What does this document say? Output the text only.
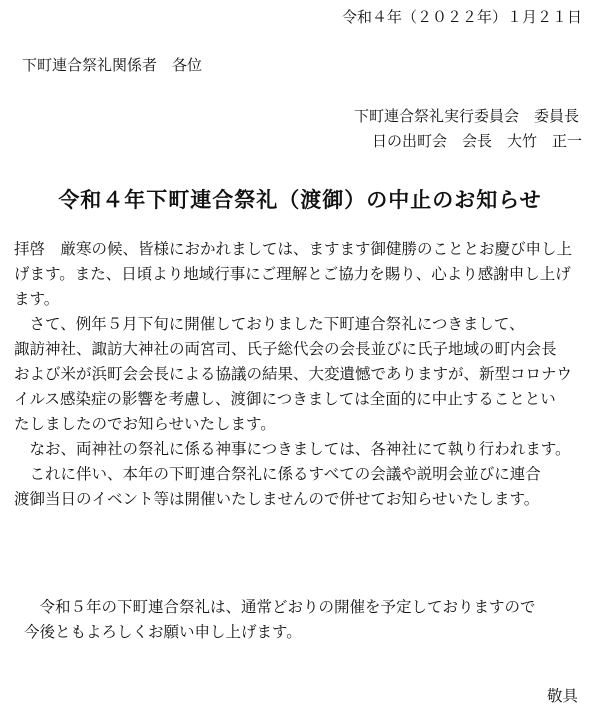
令和４年（２０２２年）１月２１日
下町連合祭礼関係者　各位
下町連合祭礼実行委員会　委員長
日の出町会　会長　大竹　正一
令和４年下町連合祭礼（渡御）の中止のお知らせ

拝啓　厳寒の候、皆様におかれましては、ますます御健勝のこととお慶び申し上

げます。また、日頃より地域行事にご理解とご協力を賜り、心より感謝申し上げ

ます。

　さて、例年５月下旬に開催しておりました下町連合祭礼につきまして、

諏訪神社、諏訪大神社の両宮司、氏子総代会の会長並びに氏子地域の町内会長

および米が浜町会会長による協議の結果、大変遺憾でありますが、新型コロナウ

イルス感染症の影響を考慮し、渡御につきましては全面的に中止することとい

たしましたのでお知らせいたします。

　なお、両神社の祭礼に係る神事につきましては、各神社にて執り行われます。

　これに伴い、本年の下町連合祭礼に係るすべての会議や説明会並びに連合

渡御当日のイベント等は開催いたしませんので併せてお知らせいたします。

　令和５年の下町連合祭礼は、通常どおりの開催を予定しておりますので

今後ともよろしくお願い申し上げます。

敬具
